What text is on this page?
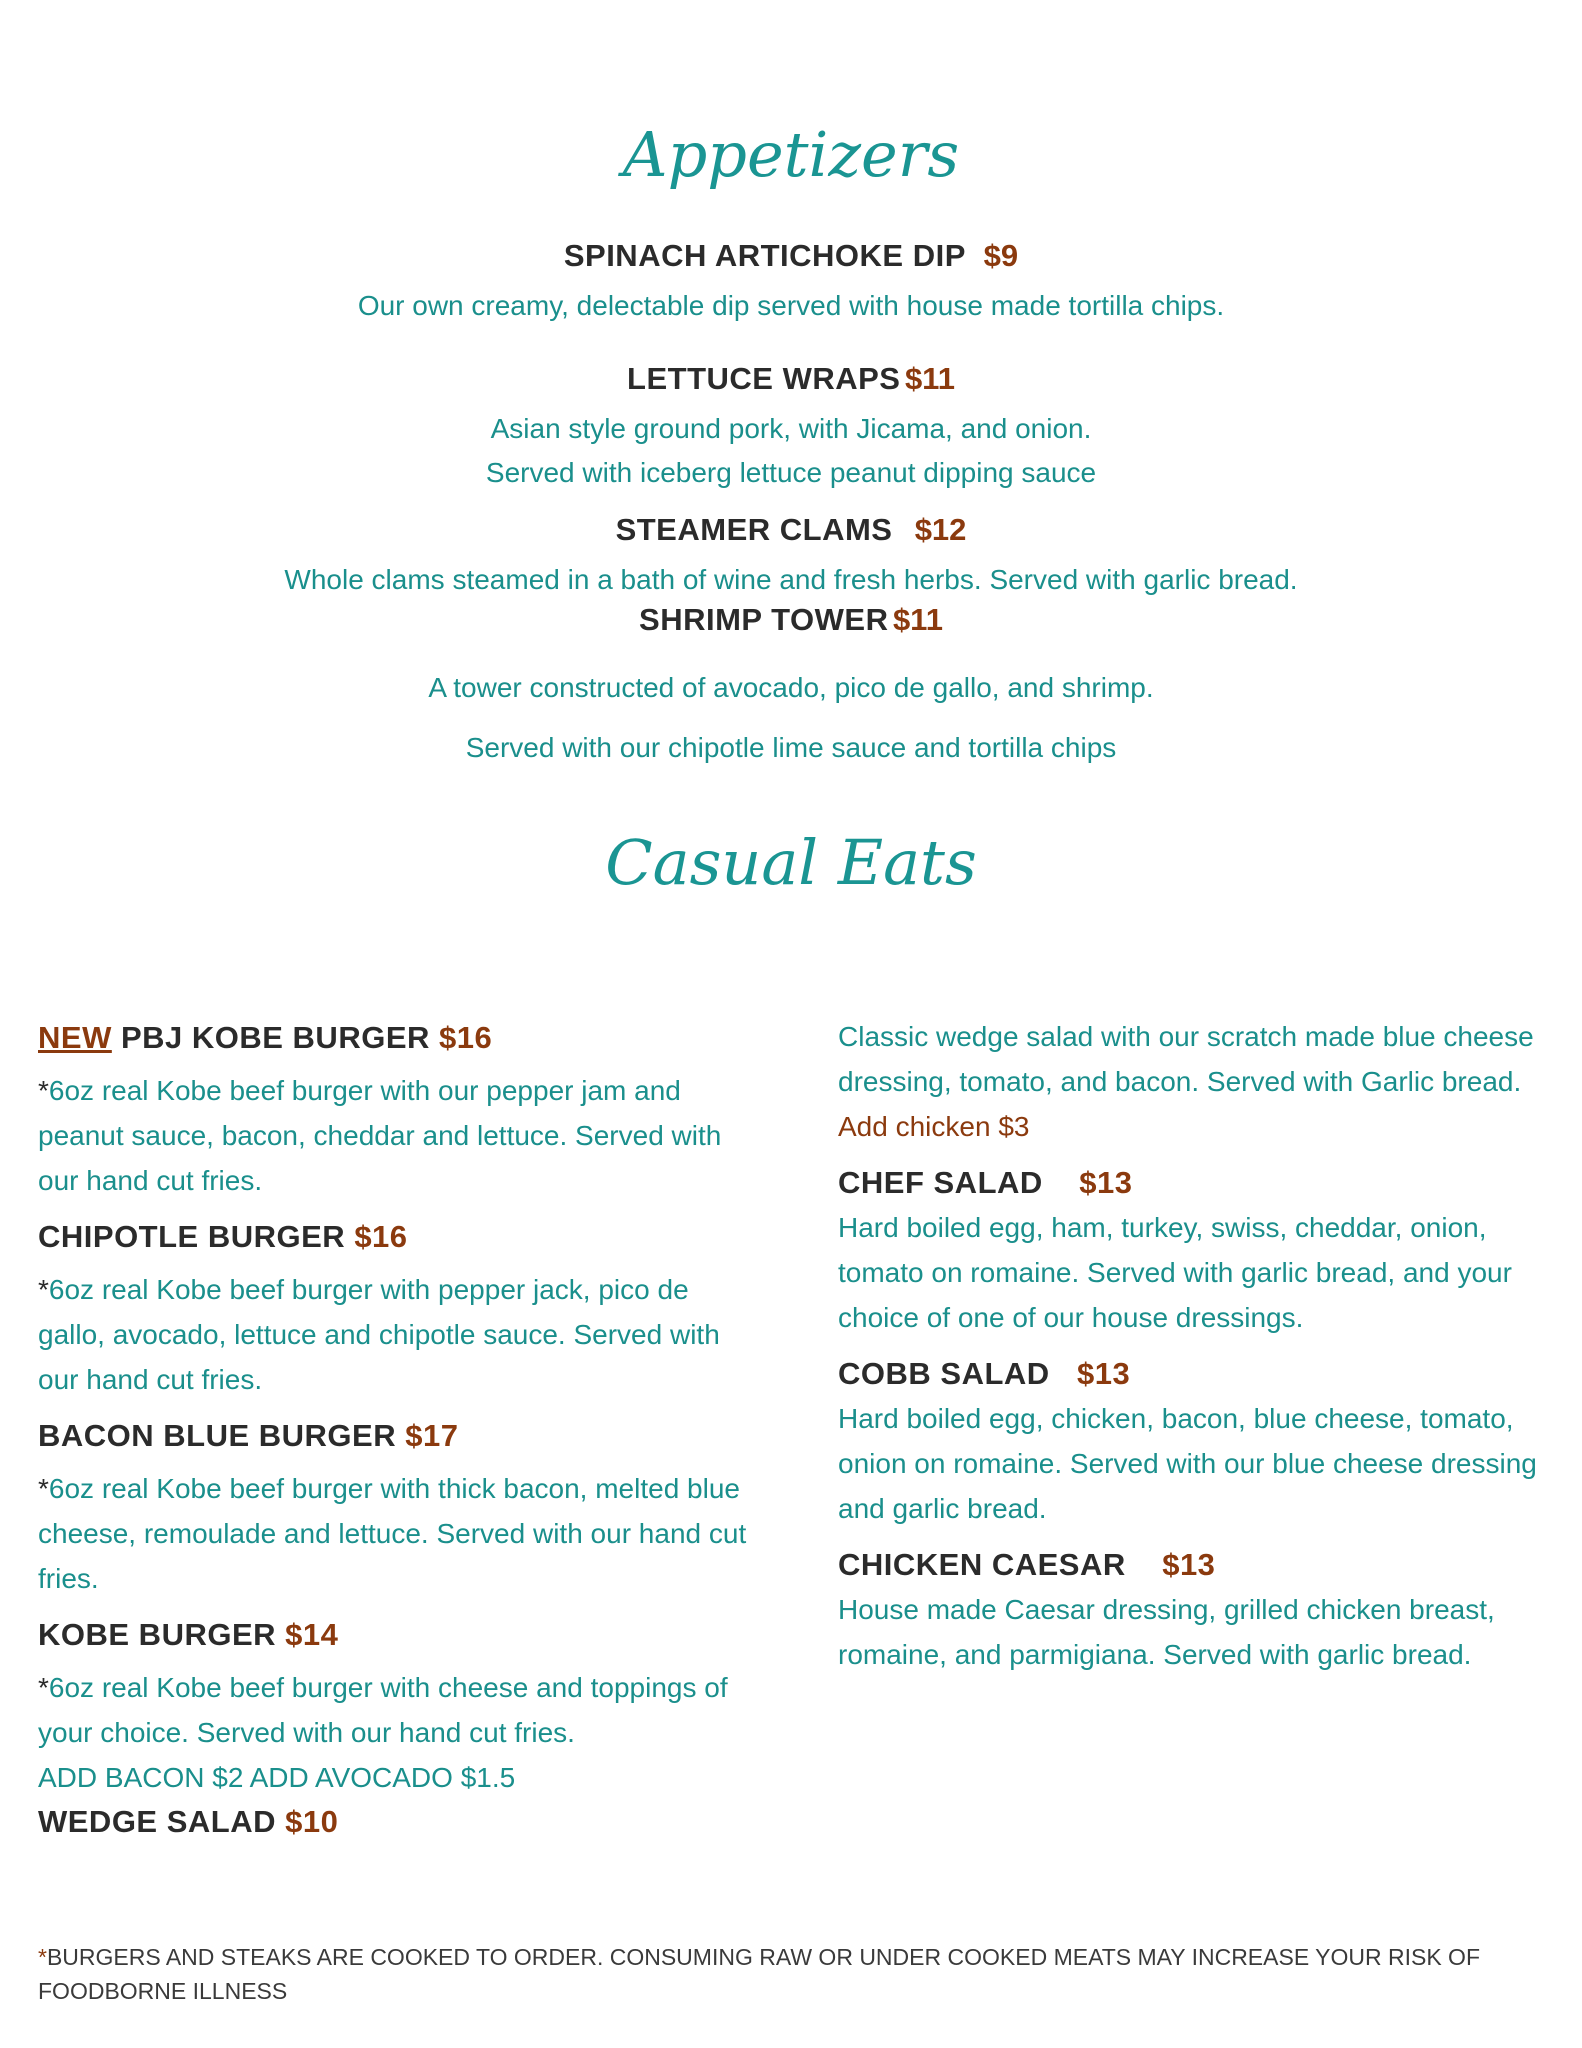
Appetizers
SPINACH ARTICHOKE DIP $9
Our own creamy, delectable dip served with house made tortilla chips.
LETTUCE WRAPS $11
Asian style ground pork, with Jicama, and onion.
Served with iceberg lettuce peanut dipping sauce
STEAMER CLAMS $12
Whole clams steamed in a bath of wine and fresh herbs. Served with garlic bread.
SHRIMP TOWER $11
A tower constructed of avocado, pico de gallo, and shrimp.
Served with our chipotle lime sauce and tortilla chips
Casual Eats
NEW PBJ KOBE BURGER $16
*6oz real Kobe beef burger with our pepper jam and peanut sauce, bacon, cheddar and lettuce. Served with our hand cut fries.
CHIPOTLE BURGER $16
*6oz real Kobe beef burger with pepper jack, pico de gallo, avocado, lettuce and chipotle sauce. Served with our hand cut fries.
BACON BLUE BURGER $17
*6oz real Kobe beef burger with thick bacon, melted blue cheese, remoulade and lettuce. Served with our hand cut fries.
KOBE BURGER $14
*6oz real Kobe beef burger with cheese and toppings of your choice. Served with our hand cut fries.
ADD BACON $2 ADD AVOCADO $1.5
WEDGE SALAD $10
Classic wedge salad with our scratch made blue cheese dressing, tomato, and bacon. Served with Garlic bread. Add chicken $3
CHEF SALAD $13
Hard boiled egg, ham, turkey, swiss, cheddar, onion, tomato on romaine. Served with garlic bread, and your choice of one of our house dressings.
COBB SALAD $13
Hard boiled egg, chicken, bacon, blue cheese, tomato, onion on romaine. Served with our blue cheese dressing and garlic bread.
CHICKEN CAESAR $13
House made Caesar dressing, grilled chicken breast, romaine, and parmigiana. Served with garlic bread.
*BURGERS AND STEAKS ARE COOKED TO ORDER. CONSUMING RAW OR UNDER COOKED MEATS MAY INCREASE YOUR RISK OF FOODBORNE ILLNESS
